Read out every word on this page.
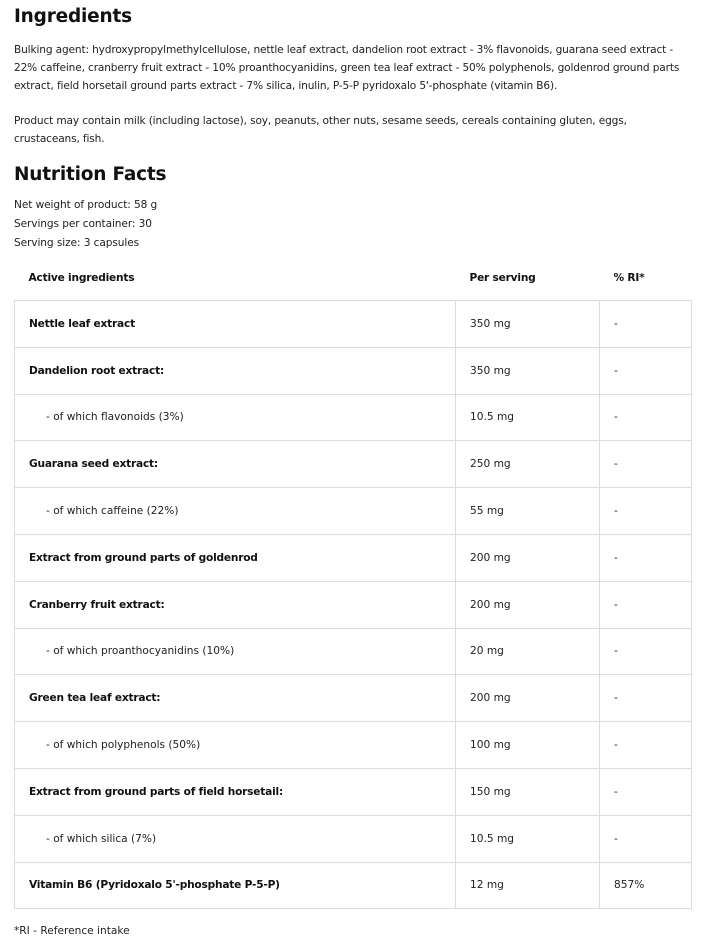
Ingredients

Bulking agent: hydroxypropylmethylcellulose, nettle leaf extract, dandelion root extract - 3% flavonoids, guarana seed extract - 22% caffeine, cranberry fruit extract - 10% proanthocyanidins, green tea leaf extract - 50% polyphenols, goldenrod ground parts extract, field horsetail ground parts extract - 7% silica, inulin, P-5-P pyridoxalo 5'-phosphate (vitamin B6).

Product may contain milk (including lactose), soy, peanuts, other nuts, sesame seeds, cereals containing gluten, eggs, crustaceans, fish.

Nutrition Facts
Net weight of product: 58 g
Servings per container: 30
Serving size: 3 capsules
Active ingredients	Per serving	% RI*
Nettle leaf extract	350 mg	-
Dandelion root extract:	350 mg	-
- of which flavonoids (3%)	10.5 mg	-
Guarana seed extract:	250 mg	-
- of which caffeine (22%)	55 mg	-
Extract from ground parts of goldenrod	200 mg	-
Cranberry fruit extract:	200 mg	-
- of which proanthocyanidins (10%)	20 mg	-
Green tea leaf extract:	200 mg	-
- of which polyphenols (50%)	100 mg	-
Extract from ground parts of field horsetail:	150 mg	-
- of which silica (7%)	10.5 mg	-
Vitamin B6 (Pyridoxalo 5'-phosphate P-5-P)	12 mg	857%
*RI - Reference intake
